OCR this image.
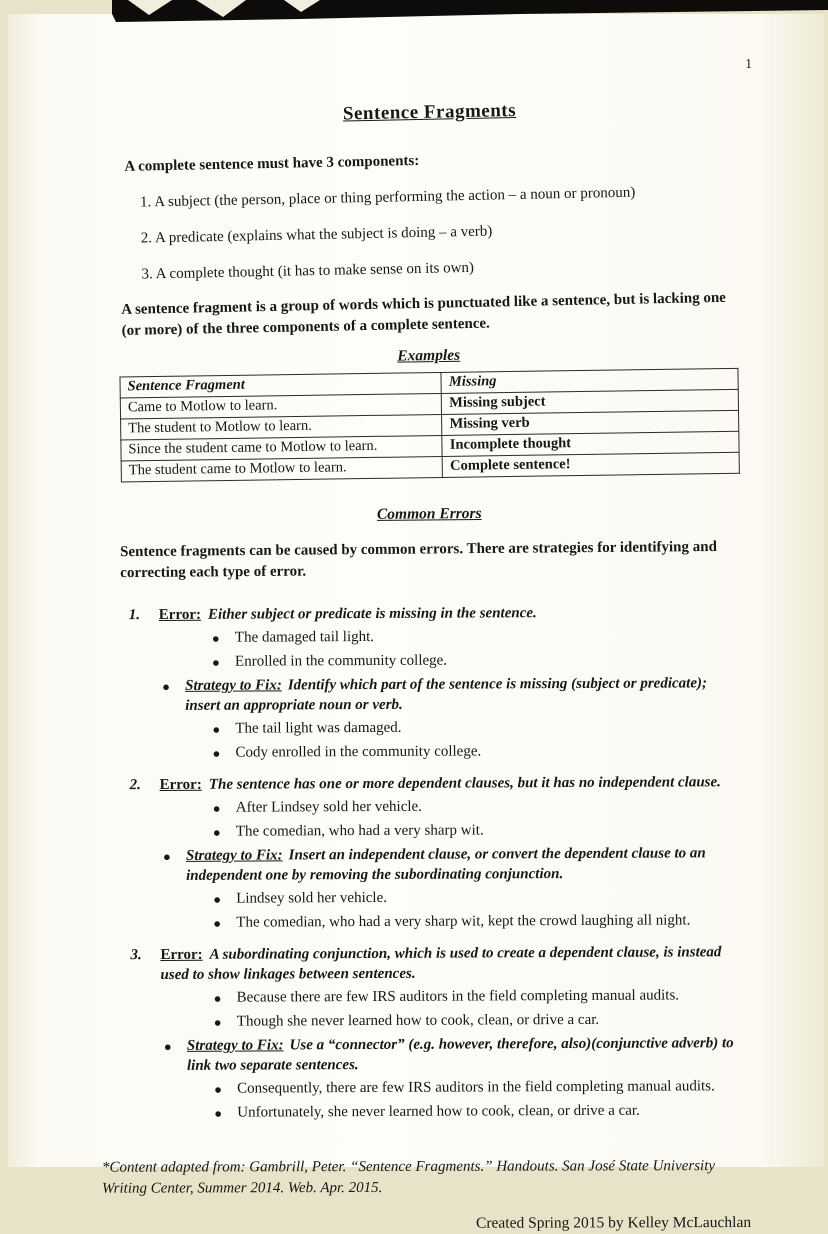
1
Sentence Fragments

A complete sentence must have 3 components:

1. A subject (the person, place or thing performing the action – a noun or pronoun)

2. A predicate (explains what the subject is doing – a verb)

3. A complete thought (it has to make sense on its own)

A sentence fragment is a group of words which is punctuated like a sentence, but is lacking one (or more) of the three components of a complete sentence.

Examples

Sentence Fragment	Missing
Came to Motlow to learn.	Missing subject
The student to Motlow to learn.	Missing verb
Since the student came to Motlow to learn.	Incomplete thought
The student came to Motlow to learn.	Complete sentence!

Common Errors

Sentence fragments can be caused by common errors. There are strategies for identifying and correcting each type of error.

1.	Error: Either subject or predicate is missing in the sentence.
●	The damaged tail light.
●	Enrolled in the community college.
●	Strategy to Fix: Identify which part of the sentence is missing (subject or predicate); insert an appropriate noun or verb.
●	The tail light was damaged.
●	Cody enrolled in the community college.
2.	Error: The sentence has one or more dependent clauses, but it has no independent clause.
●	After Lindsey sold her vehicle.
●	The comedian, who had a very sharp wit.
●	Strategy to Fix: Insert an independent clause, or convert the dependent clause to an independent one by removing the subordinating conjunction.
●	Lindsey sold her vehicle.
●	The comedian, who had a very sharp wit, kept the crowd laughing all night.
3.	Error: A subordinating conjunction, which is used to create a dependent clause, is instead used to show linkages between sentences.
●	Because there are few IRS auditors in the field completing manual audits.
●	Though she never learned how to cook, clean, or drive a car.
●	Strategy to Fix: Use a “connector” (e.g. however, therefore, also)(conjunctive adverb) to link two separate sentences.
●	Consequently, there are few IRS auditors in the field completing manual audits.
●	Unfortunately, she never learned how to cook, clean, or drive a car.

*Content adapted from: Gambrill, Peter. “Sentence Fragments.” Handouts. San José State University Writing Center, Summer 2014. Web. Apr. 2015.

Created Spring 2015 by Kelley McLauchlan
